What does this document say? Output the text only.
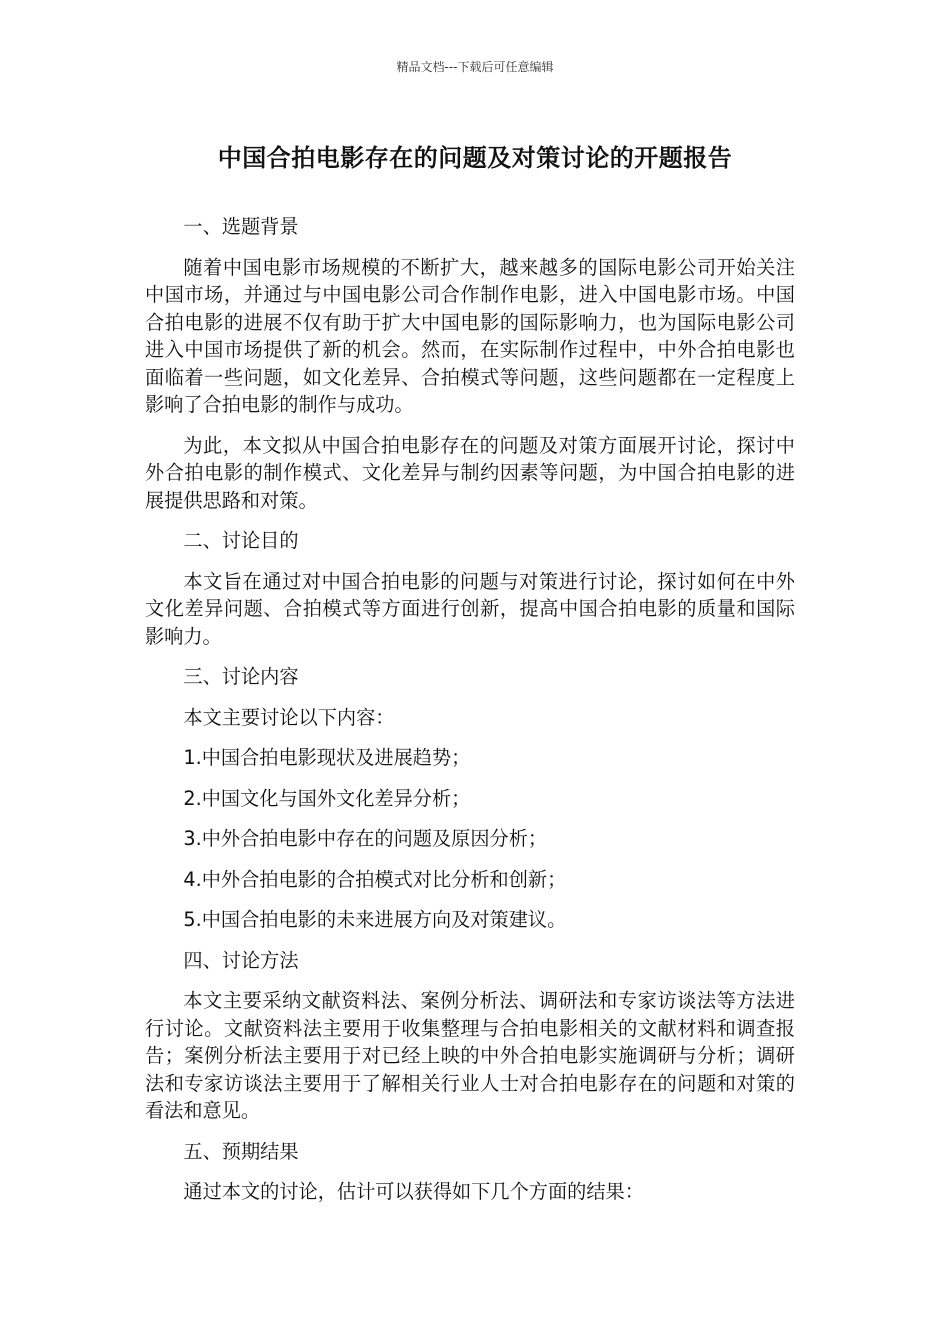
精品文档---下载后可任意编辑
中国合拍电影存在的问题及对策讨论的开题报告
一、选题背景

随着中国电影市场规模的不断扩大，越来越多的国际电影公司开始关注中国市场，并通过与中国电影公司合作制作电影，进入中国电影市场。中国合拍电影的进展不仅有助于扩大中国电影的国际影响力，也为国际电影公司进入中国市场提供了新的机会。然而，在实际制作过程中，中外合拍电影也面临着一些问题，如文化差异、合拍模式等问题，这些问题都在一定程度上影响了合拍电影的制作与成功。

为此，本文拟从中国合拍电影存在的问题及对策方面展开讨论，探讨中外合拍电影的制作模式、文化差异与制约因素等问题，为中国合拍电影的进展提供思路和对策。

二、讨论目的

本文旨在通过对中国合拍电影的问题与对策进行讨论，探讨如何在中外文化差异问题、合拍模式等方面进行创新，提高中国合拍电影的质量和国际影响力。

三、讨论内容
本文主要讨论以下内容：
1.中国合拍电影现状及进展趋势；
2.中国文化与国外文化差异分析；
3.中外合拍电影中存在的问题及原因分析；
4.中外合拍电影的合拍模式对比分析和创新；
5.中国合拍电影的未来进展方向及对策建议。
四、讨论方法

本文主要采纳文献资料法、案例分析法、调研法和专家访谈法等方法进行讨论。文献资料法主要用于收集整理与合拍电影相关的文献材料和调查报告；案例分析法主要用于对已经上映的中外合拍电影实施调研与分析；调研法和专家访谈法主要用于了解相关行业人士对合拍电影存在的问题和对策的看法和意见。

五、预期结果
通过本文的讨论，估计可以获得如下几个方面的结果：
